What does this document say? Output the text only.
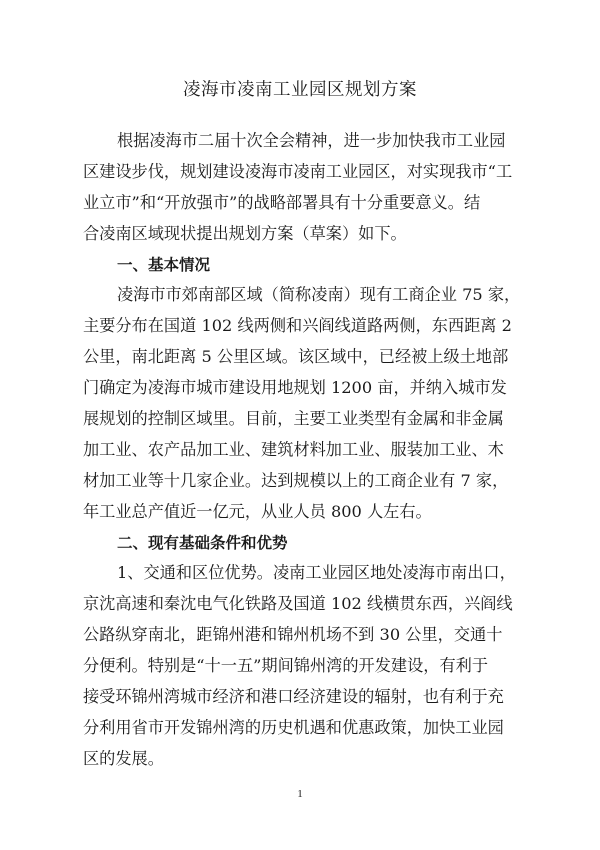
凌海市凌南工业园区规划方案
根据凌海市二届十次全会精神，进一步加快我市工业园
区建设步伐，规划建设凌海市凌南工业园区，对实现我市“工
业立市”和“开放强市”的战略部署具有十分重要意义。结
合凌南区域现状提出规划方案（草案）如下。
一、基本情况
凌海市市郊南部区域（简称凌南）现有工商企业 75 家，
主要分布在国道 102 线两侧和兴阎线道路两侧，东西距离 2
公里，南北距离 5 公里区域。该区域中，已经被上级土地部
门确定为凌海市城市建设用地规划 1200 亩，并纳入城市发
展规划的控制区域里。目前，主要工业类型有金属和非金属
加工业、农产品加工业、建筑材料加工业、服装加工业、木
材加工业等十几家企业。达到规模以上的工商企业有 7 家，
年工业总产值近一亿元，从业人员 800 人左右。
二、现有基础条件和优势
1、交通和区位优势。凌南工业园区地处凌海市南出口，
京沈高速和秦沈电气化铁路及国道 102 线横贯东西，兴阎线
公路纵穿南北，距锦州港和锦州机场不到 30 公里，交通十
分便利。特别是“十一五”期间锦州湾的开发建设，有利于
接受环锦州湾城市经济和港口经济建设的辐射，也有利于充
分利用省市开发锦州湾的历史机遇和优惠政策，加快工业园
区的发展。
1
